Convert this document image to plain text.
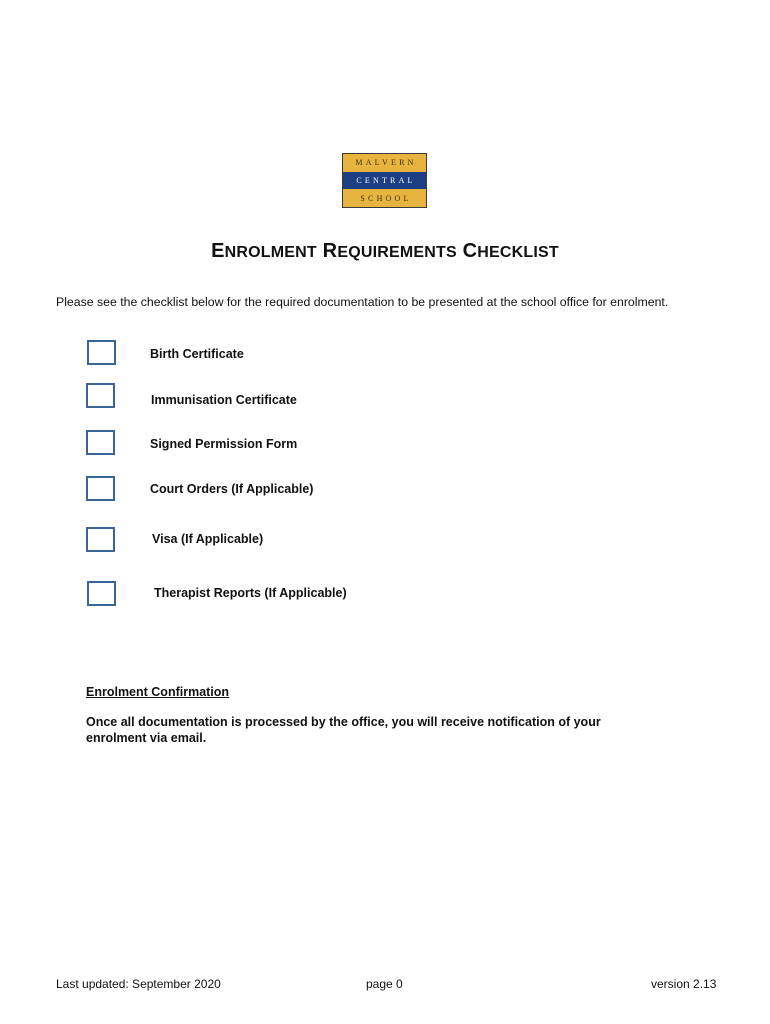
MALVERN
CENTRAL
SCHOOL
ENROLMENT REQUIREMENTS CHECKLIST

Please see the checklist below for the required documentation to be presented at the school office for enrolment.

Birth Certificate
Immunisation Certificate
Signed Permission Form
Court Orders (If Applicable)
Visa (If Applicable)
Therapist Reports (If Applicable)

Enrolment Confirmation

Once all documentation is processed by the office, you will receive notification of your enrolment via email.

Last updated: September 2020	page 0	version 2.13
